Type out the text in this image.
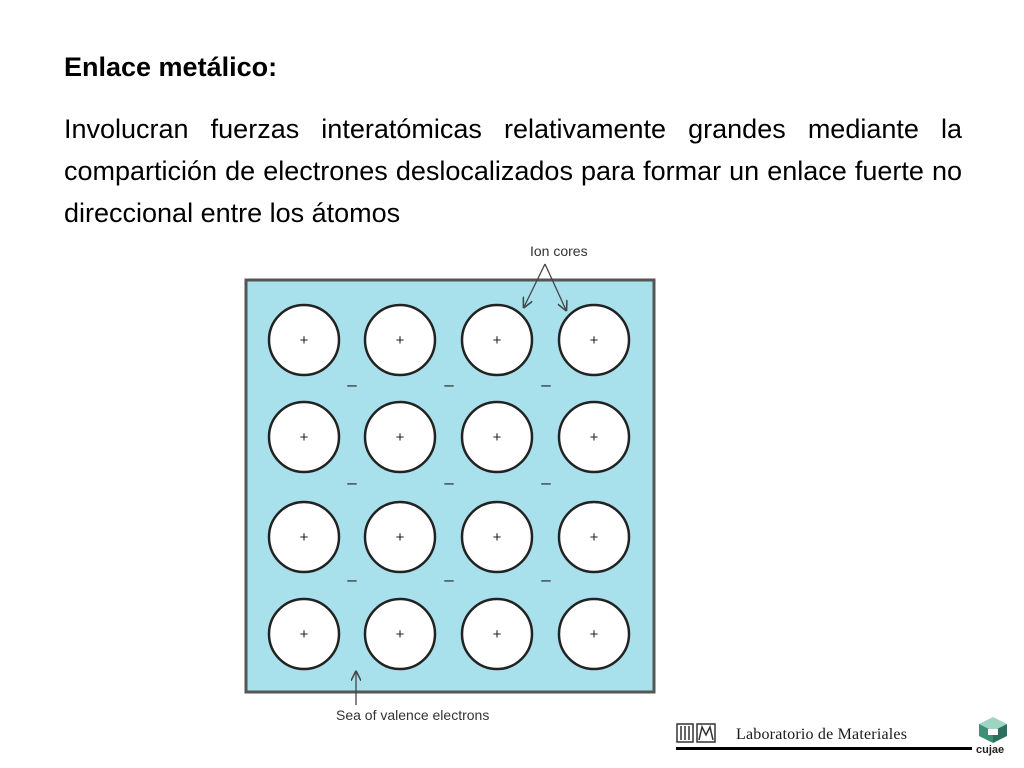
Enlace metálico:

Involucran fuerzas interatómicas relativamente grandes mediante la compartición de electrones deslocalizados para formar un enlace fuerte no direccional entre los átomos

+	+	+	+
+	+	+	+
+	+	+	+
+	+	+	+
–	–	–
–	–	–
–	–	–
Ion cores
Sea of valence electrons
Laboratorio de Materiales
cujae
